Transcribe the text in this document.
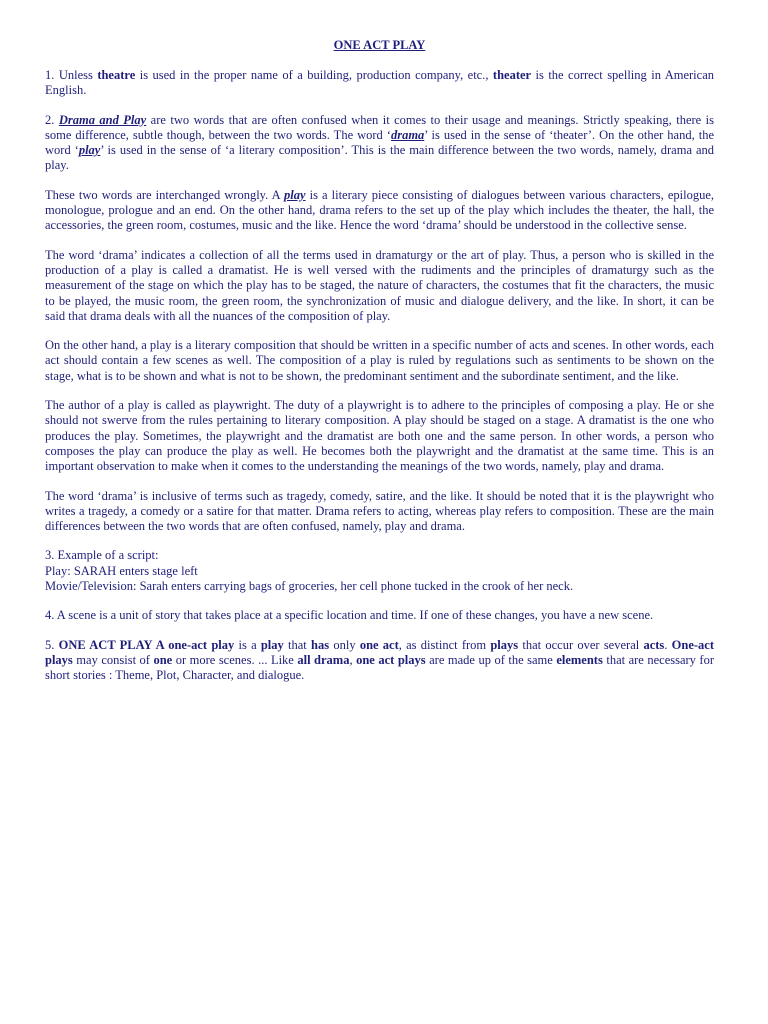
ONE ACT PLAY

1. Unless theatre is used in the proper name of a building, production company, etc., theater is the correct spelling in American English.

2. Drama and Play are two words that are often confused when it comes to their usage and meanings. Strictly speaking, there is some difference, subtle though, between the two words. The word ‘drama’ is used in the sense of ‘theater’. On the other hand, the word ‘play’ is used in the sense of ‘a literary composition’. This is the main difference between the two words, namely, drama and play.

These two words are interchanged wrongly. A play is a literary piece consisting of dialogues between various characters, epilogue, monologue, prologue and an end. On the other hand, drama refers to the set up of the play which includes the theater, the hall, the accessories, the green room, costumes, music and the like. Hence the word ‘drama’ should be understood in the collective sense.

The word ‘drama’ indicates a collection of all the terms used in dramaturgy or the art of play. Thus, a person who is skilled in the production of a play is called a dramatist. He is well versed with the rudiments and the principles of dramaturgy such as the measurement of the stage on which the play has to be staged, the nature of characters, the costumes that fit the characters, the music to be played, the music room, the green room, the synchronization of music and dialogue delivery, and the like. In short, it can be said that drama deals with all the nuances of the composition of play.

On the other hand, a play is a literary composition that should be written in a specific number of acts and scenes. In other words, each act should contain a few scenes as well. The composition of a play is ruled by regulations such as sentiments to be shown on the stage, what is to be shown and what is not to be shown, the predominant sentiment and the subordinate sentiment, and the like.

The author of a play is called as playwright. The duty of a playwright is to adhere to the principles of composing a play. He or she should not swerve from the rules pertaining to literary composition. A play should be staged on a stage. A dramatist is the one who produces the play. Sometimes, the playwright and the dramatist are both one and the same person. In other words, a person who composes the play can produce the play as well. He becomes both the playwright and the dramatist at the same time. This is an important observation to make when it comes to the understanding the meanings of the two words, namely, play and drama.

The word ‘drama’ is inclusive of terms such as tragedy, comedy, satire, and the like. It should be noted that it is the playwright who writes a tragedy, a comedy or a satire for that matter. Drama refers to acting, whereas play refers to composition. These are the main differences between the two words that are often confused, namely, play and drama.

3. Example of a script:
Play: SARAH enters stage left
Movie/Television: Sarah enters carrying bags of groceries, her cell phone tucked in the crook of her neck.

4. A scene is a unit of story that takes place at a specific location and time. If one of these changes, you have a new scene.

5. ONE ACT PLAY A one-act play is a play that has only one act, as distinct from plays that occur over several acts. One-act plays may consist of one or more scenes. ... Like all drama, one act plays are made up of the same elements that are necessary for short stories : Theme, Plot, Character, and dialogue.
